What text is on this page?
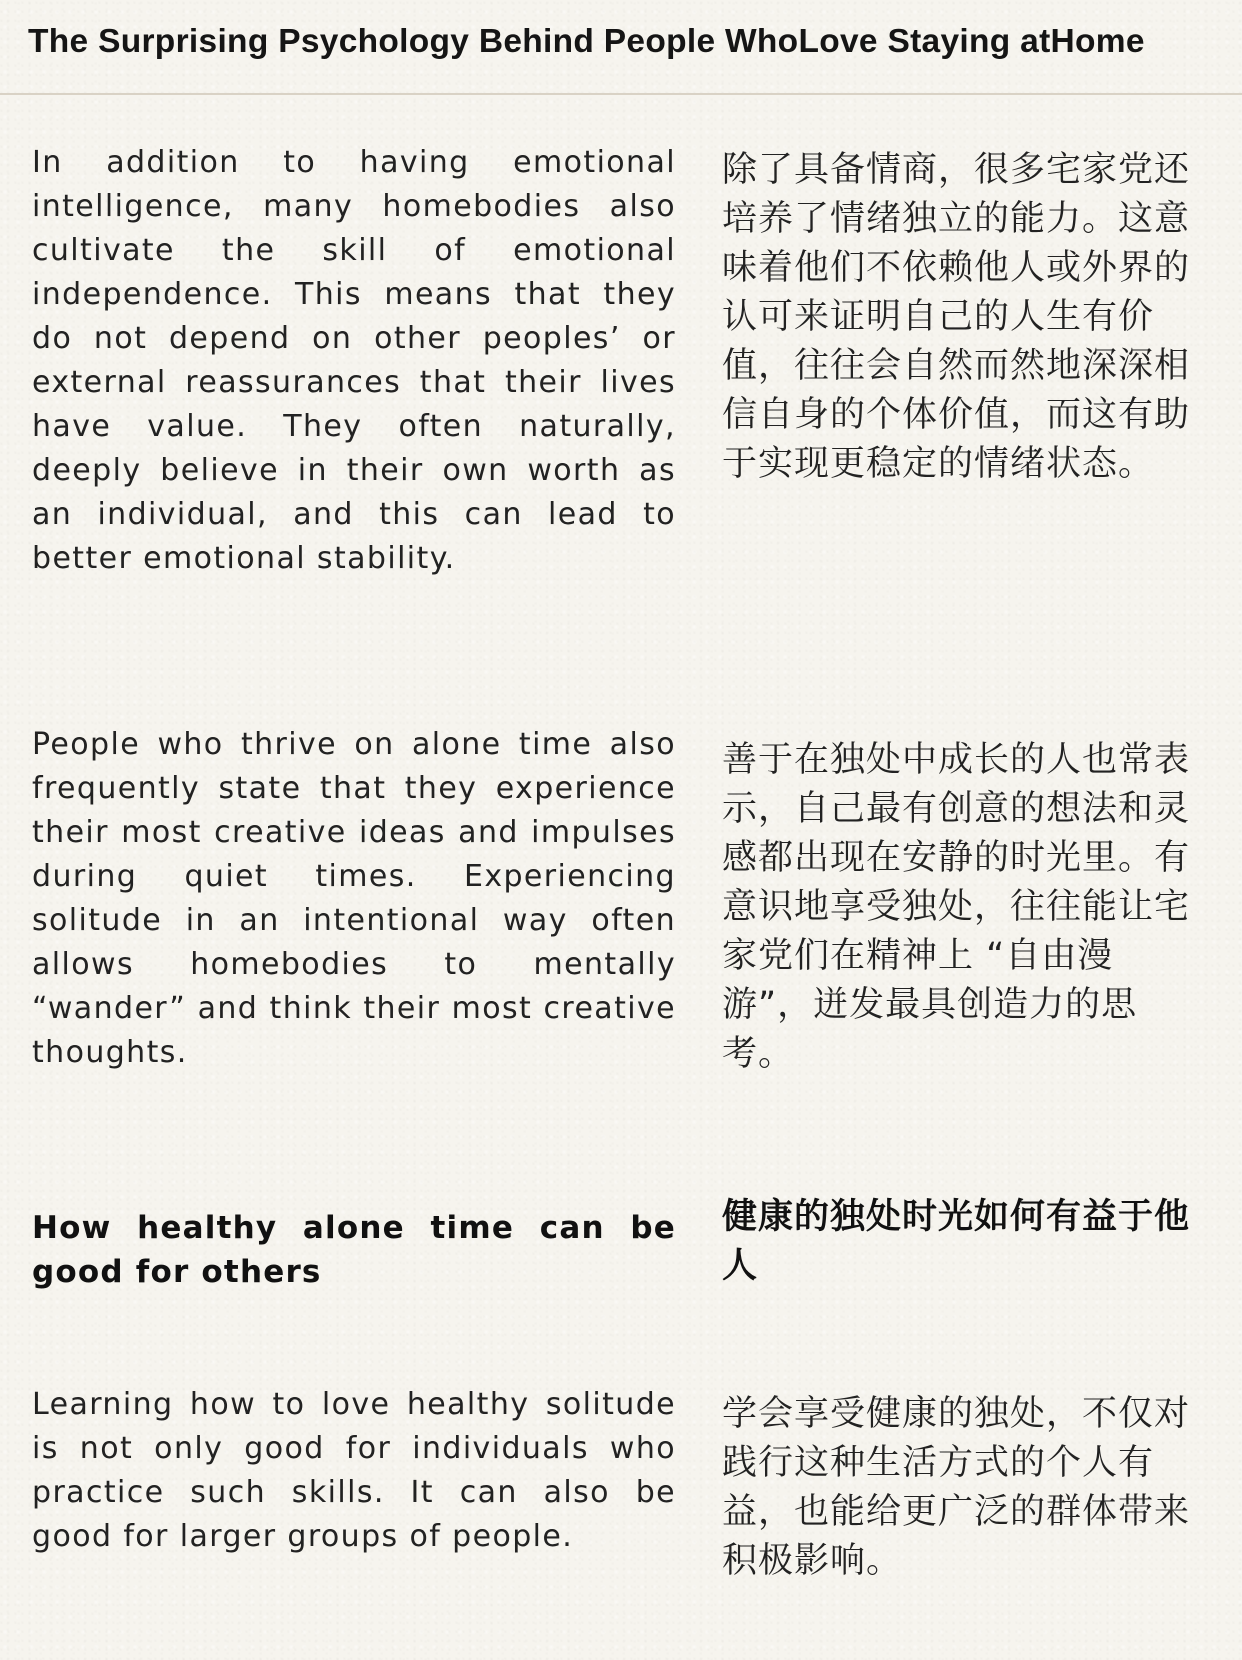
The Surprising Psychology Behind People WhoLove Staying atHome

In addition to having emotional intelligence, many homebodies also cultivate the skill of emotional independence. This means that they do not depend on other peoples’ or external reassurances that their lives have value. They often naturally, deeply believe in their own worth as an individual, and this can lead to better emotional stability.

除了具备情商，很多宅家党还培养了情绪独立的能力。这意味着他们不依赖他人或外界的认可来证明自己的人生有价值，往往会自然而然地深深相信自身的个体价值，而这有助于实现更稳定的情绪状态。

People who thrive on alone time also frequently state that they experience their most creative ideas and impulses during quiet times. Experiencing solitude in an intentional way often allows homebodies to mentally “wander” and think their most creative thoughts.

善于在独处中成长的人也常表示，自己最有创意的想法和灵感都出现在安静的时光里。有意识地享受独处，往往能让宅家党们在精神上 “自由漫游”，迸发最具创造力的思考。

How healthy alone time can be good for others

健康的独处时光如何有益于他人

Learning how to love healthy solitude is not only good for individuals who practice such skills. It can also be good for larger groups of people.

学会享受健康的独处，不仅对践行这种生活方式的个人有益，也能给更广泛的群体带来积极影响。
